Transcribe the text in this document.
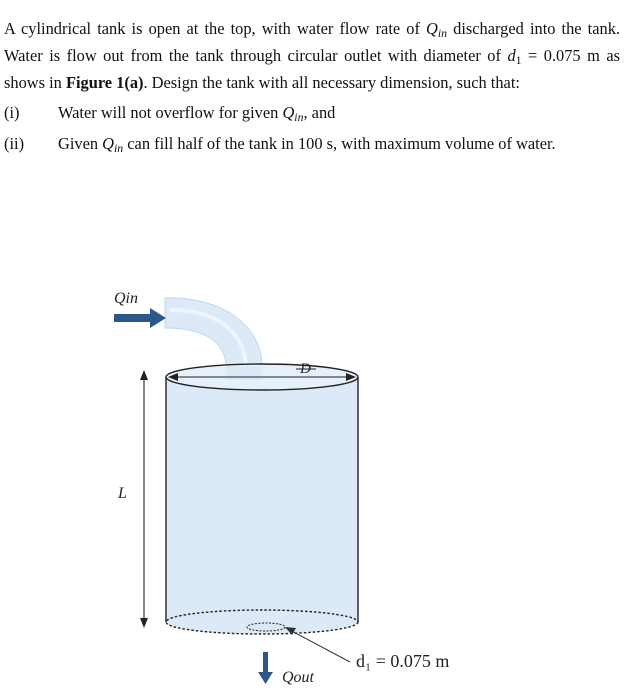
A cylindrical tank is open at the top, with water flow rate of Qin discharged into the tank. Water is flow out from the tank through circular outlet with diameter of d1 = 0.075 m as shows in Figure 1(a). Design the tank with all necessary dimension, such that:

(i)	Water will not overflow for given Qin, and
(ii)	Given Qin can fill half of the tank in 100 s, with maximum volume of water.
D
L
Qin
d₁ = 0.075 m
Qout
